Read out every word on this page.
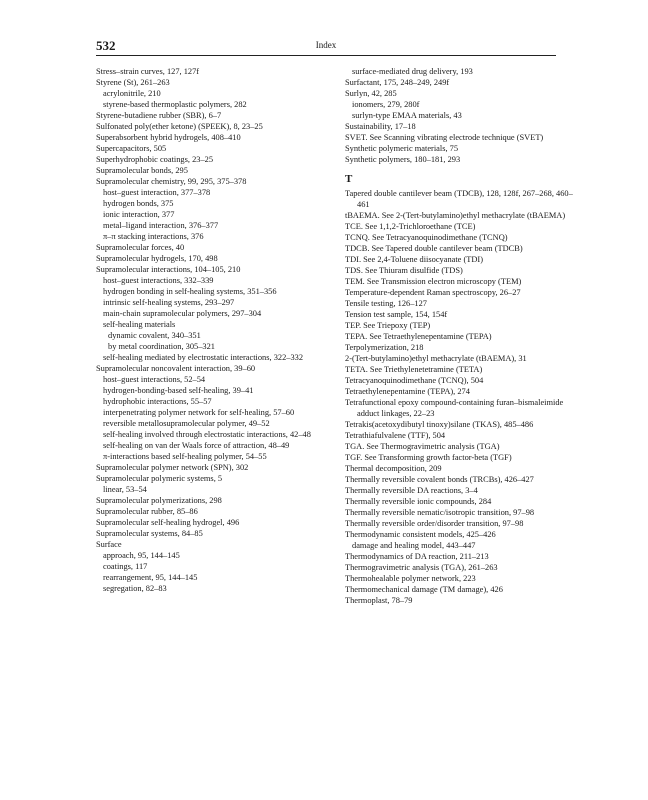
532	Index
Stress–strain curves, 127, 127f
Styrene (St), 261–263
acrylonitrile, 210
styrene-based thermoplastic polymers, 282
Styrene-butadiene rubber (SBR), 6–7
Sulfonated poly(ether ketone) (SPEEK), 8, 23–25
Superabsorbent hybrid hydrogels, 408–410
Supercapacitors, 505
Superhydrophobic coatings, 23–25
Supramolecular bonds, 295
Supramolecular chemistry, 99, 295, 375–378
host–guest interaction, 377–378
hydrogen bonds, 375
ionic interaction, 377
metal–ligand interaction, 376–377
π–π stacking interactions, 376
Supramolecular forces, 40
Supramolecular hydrogels, 170, 498
Supramolecular interactions, 104–105, 210
host–guest interactions, 332–339
hydrogen bonding in self-healing systems, 351–356
intrinsic self-healing systems, 293–297
main-chain supramolecular polymers, 297–304
self-healing materials
dynamic covalent, 340–351
by metal coordination, 305–321
self-healing mediated by electrostatic interactions, 322–332
Supramolecular noncovalent interaction, 39–60
host–guest interactions, 52–54
hydrogen-bonding-based self-healing, 39–41
hydrophobic interactions, 55–57
interpenetrating polymer network for self-healing, 57–60
reversible metallosupramolecular polymer, 49–52
self-healing involved through electrostatic interactions, 42–48
self-healing on van der Waals force of attraction, 48–49
π-interactions based self-healing polymer, 54–55
Supramolecular polymer network (SPN), 302
Supramolecular polymeric systems, 5
linear, 53–54
Supramolecular polymerizations, 298
Supramolecular rubber, 85–86
Supramolecular self-healing hydrogel, 496
Supramolecular systems, 84–85
Surface
approach, 95, 144–145
coatings, 117
rearrangement, 95, 144–145
segregation, 82–83
surface-mediated drug delivery, 193
Surfactant, 175, 248–249, 249f
Surlyn, 42, 285
ionomers, 279, 280f
surlyn-type EMAA materials, 43
Sustainability, 17–18
SVET. See Scanning vibrating electrode technique (SVET)
Synthetic polymeric materials, 75
Synthetic polymers, 180–181, 293
T
Tapered double cantilever beam (TDCB), 128, 128f, 267–268, 460–461
tBAEMA. See 2-(Tert-butylamino)ethyl methacrylate (tBAEMA)
TCE. See 1,1,2-Trichloroethane (TCE)
TCNQ. See Tetracyanoquinodimethane (TCNQ)
TDCB. See Tapered double cantilever beam (TDCB)
TDI. See 2,4-Toluene diisocyanate (TDI)
TDS. See Thiuram disulfide (TDS)
TEM. See Transmission electron microscopy (TEM)
Temperature-dependent Raman spectroscopy, 26–27
Tensile testing, 126–127
Tension test sample, 154, 154f
TEP. See Triepoxy (TEP)
TEPA. See Tetraethylenepentamine (TEPA)
Terpolymerization, 218
2-(Tert-butylamino)ethyl methacrylate (tBAEMA), 31
TETA. See Triethylenetetramine (TETA)
Tetracyanoquinodimethane (TCNQ), 504
Tetraethylenepentamine (TEPA), 274
Tetrafunctional epoxy compound-containing furan–bismaleimide adduct linkages, 22–23
Tetrakis(acetoxydibutyl tinoxy)silane (TKAS), 485–486
Tetrathiafulvalene (TTF), 504
TGA. See Thermogravimetric analysis (TGA)
TGF. See Transforming growth factor-beta (TGF)
Thermal decomposition, 209
Thermally reversible covalent bonds (TRCBs), 426–427
Thermally reversible DA reactions, 3–4
Thermally reversible ionic compounds, 284
Thermally reversible nematic/isotropic transition, 97–98
Thermally reversible order/disorder transition, 97–98
Thermodynamic consistent models, 425–426
damage and healing model, 443–447
Thermodynamics of DA reaction, 211–213
Thermogravimetric analysis (TGA), 261–263
Thermohealable polymer network, 223
Thermomechanical damage (TM damage), 426
Thermoplast, 78–79
